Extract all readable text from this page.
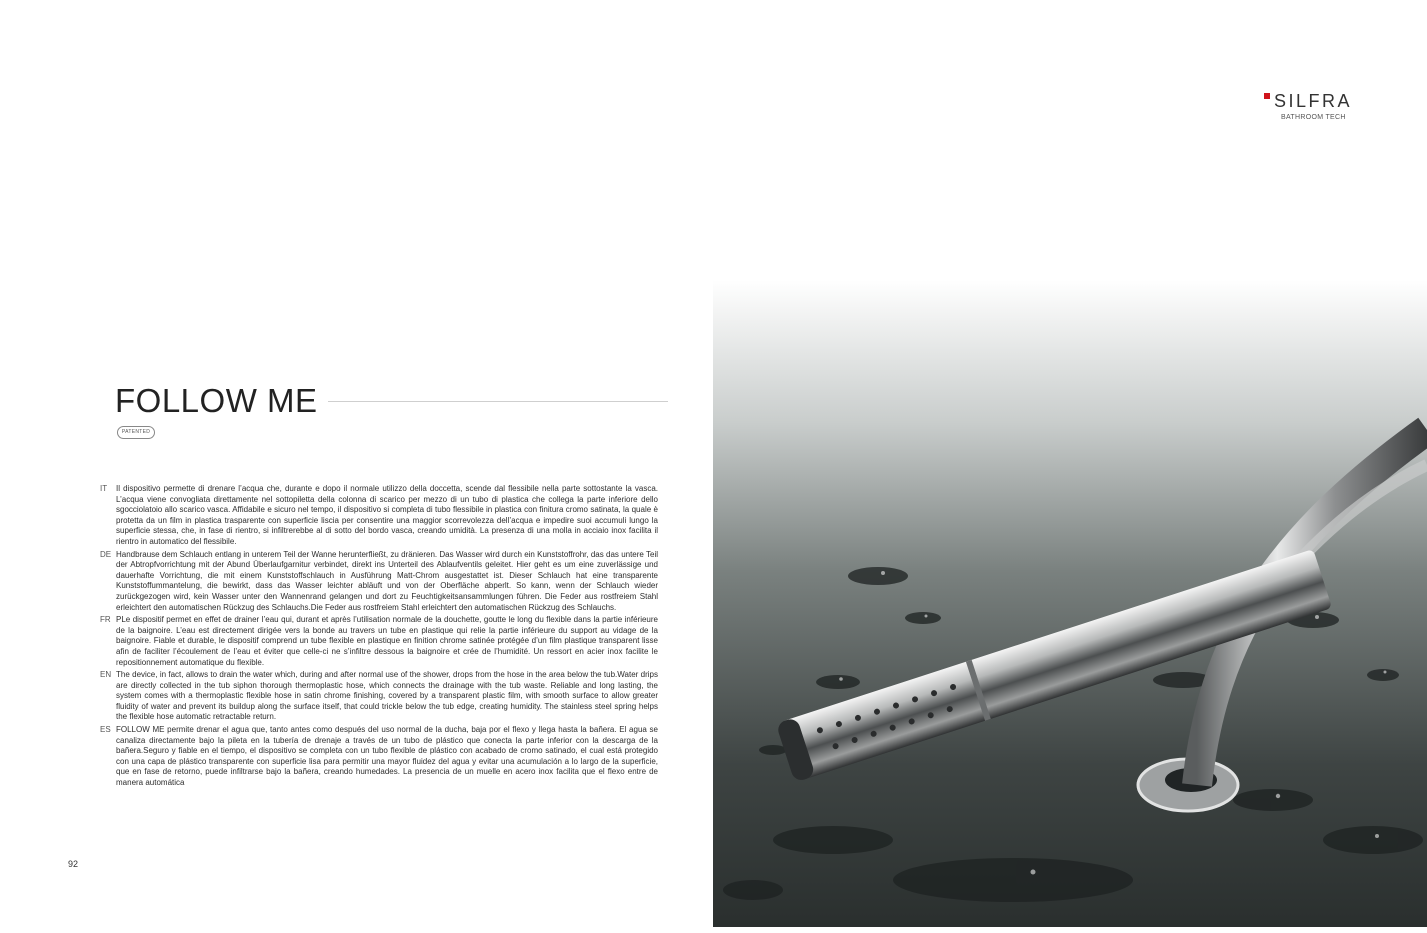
SILFRA
BATHROOM TECH
FOLLOW ME
PATENTED
IT Il dispositivo permette di drenare l’acqua che, durante e dopo il normale utilizzo della doccetta, scende dal flessibile nella parte sottostante la vasca. L’acqua viene convogliata direttamente nel sottopiletta della colonna di scarico per mezzo di un tubo di plastica che collega la parte inferiore dello sgocciolatoio allo scarico vasca. Affidabile e sicuro nel tempo, il dispositivo si completa di tubo flessibile in plastica con finitura cromo satinata, la quale è protetta da un film in plastica trasparente con superficie liscia per consentire una maggior scorrevolezza dell’acqua e impedire suoi accumuli lungo la superficie stessa, che, in fase di rientro, si infiltrerebbe al di sotto del bordo vasca, creando umidità. La presenza di una molla in acciaio inox facilita il rientro in automatico del flessibile.

DE Handbrause dem Schlauch entlang in unterem Teil der Wanne herunterfließt, zu dränieren. Das Wasser wird durch ein Kunststoffrohr, das das untere Teil der Abtropfvorrichtung mit der Abund Überlaufgarnitur verbindet, direkt ins Unterteil des Ablaufventils geleitet. Hier geht es um eine zuverlässige und dauerhafte Vorrichtung, die mit einem Kunststoffschlauch in Ausführung Matt-Chrom ausgestattet ist. Dieser Schlauch hat eine transparente Kunststoffummantelung, die bewirkt, dass das Wasser leichter abläuft und von der Oberfläche abperlt. So kann, wenn der Schlauch wieder zurückgezogen wird, kein Wasser unter den Wannenrand gelangen und dort zu Feuchtigkeitsansammlungen führen. Die Feder aus rostfreiem Stahl erleichtert den automatischen Rückzug des Schlauchs.Die Feder aus rostfreiem Stahl erleichtert den automatischen Rückzug des Schlauchs.

FR PLe dispositif permet en effet de drainer l’eau qui, durant et après l’utilisation normale de la douchette, goutte le long du flexible dans la partie inférieure de la baignoire. L’eau est directement dirigée vers la bonde au travers un tube en plastique qui relie la partie inférieure du support au vidage de la baignoire. Fiable et durable, le dispositif comprend un tube flexible en plastique en finition chrome satinée protégée d’un film plastique transparent lisse afin de faciliter l’écoulement de l’eau et éviter que celle-ci ne s’infiltre dessous la baignoire et crée de l’humidité. Un ressort en acier inox facilite le repositionnement automatique du flexible.

EN The device, in fact, allows to drain the water which, during and after normal use of the shower, drops from the hose in the area below the tub.Water drips are directly collected in the tub siphon thorough thermoplastic hose, which connects the drainage with the tub waste. Reliable and long lasting, the system comes with a thermoplastic flexible hose in satin chrome finishing, covered by a transparent plastic film, with smooth surface to allow greater fluidity of water and prevent its buildup along the surface itself, that could trickle below the tub edge, creating humidity. The stainless steel spring helps the flexible hose automatic retractable return.

ES FOLLOW ME permite drenar el agua que, tanto antes como después del uso normal de la ducha, baja por el flexo y llega hasta la bañera. El agua se canaliza directamente bajo la pileta en la tubería de drenaje a través de un tubo de plástico que conecta la parte inferior con la descarga de la bañera.Seguro y fiable en el tiempo, el dispositivo se completa con un tubo flexible de plástico con acabado de cromo satinado, el cual está protegido con una capa de plástico transparente con superficie lisa para permitir una mayor fluidez del agua y evitar una acumulación a lo largo de la superficie, que en fase de retorno, puede infiltrarse bajo la bañera, creando humedades. La presencia de un muelle en acero inox facilita que el flexo entre de manera automática

92
